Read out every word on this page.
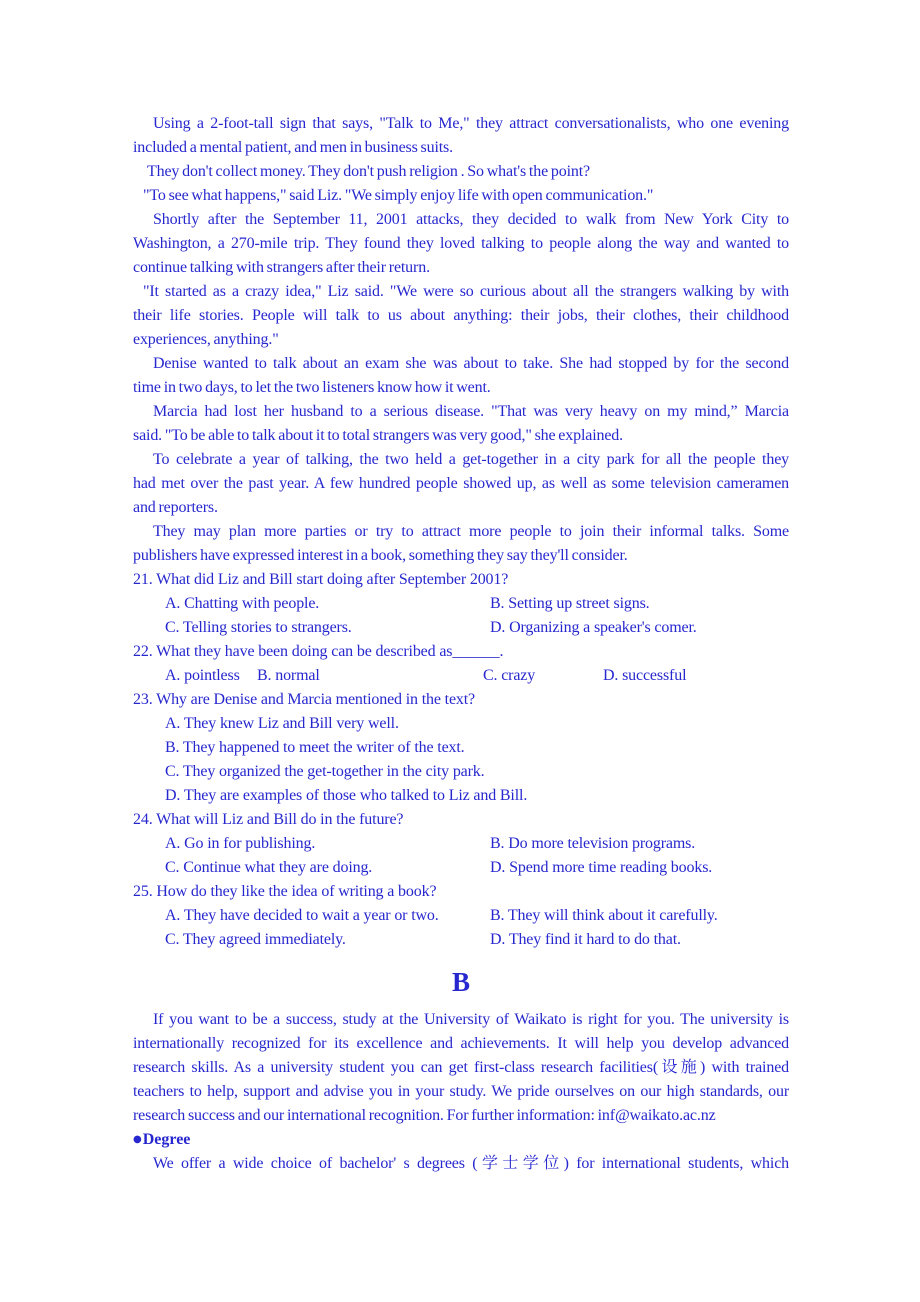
Using a 2-foot-tall sign that says, "Talk to Me," they attract conversationalists, who one evening
included a mental patient, and men in business suits.
They don't collect money. They don't push religion . So what's the point?
"To see what happens," said Liz. "We simply enjoy life with open communication."
Shortly after the September 11, 2001 attacks, they decided to walk from New York City to
Washington, a 270-mile trip. They found they loved talking to people along the way and wanted to
continue talking with strangers after their return.
"It started as a crazy idea," Liz said. "We were so curious about all the strangers walking by with
their life stories. People will talk to us about anything: their jobs, their clothes, their childhood
experiences, anything."
Denise wanted to talk about an exam she was about to take. She had stopped by for the second
time in two days, to let the two listeners know how it went.
Marcia had lost her husband to a serious disease. "That was very heavy on my mind,” Marcia
said. "To be able to talk about it to total strangers was very good," she explained.
To celebrate a year of talking, the two held a get-together in a city park for all the people they
had met over the past year. A few hundred people showed up, as well as some television cameramen
and reporters.
They may plan more parties or try to attract more people to join their informal talks. Some
publishers have expressed interest in a book, something they say they'll consider.
21. What did Liz and Bill start doing after September 2001?
A. Chatting with people.	B. Setting up street signs.
C. Telling stories to strangers.	D. Organizing a speaker's comer.
22. What they have been doing can be described as______.
A. pointless B. normal	C. crazy	D. successful
23. Why are Denise and Marcia mentioned in the text?
A. They knew Liz and Bill very well.
B. They happened to meet the writer of the text.
C. They organized the get-together in the city park.
D. They are examples of those who talked to Liz and Bill.
24. What will Liz and Bill do in the future?
A. Go in for publishing.	B. Do more television programs.
C. Continue what they are doing.	D. Spend more time reading books.
25. How do they like the idea of writing a book?
A. They have decided to wait a year or two.	B. They will think about it carefully.
C. They agreed immediately.	D. They find it hard to do that.
B
If you want to be a success, study at the University of Waikato is right for you. The university is
internationally recognized for its excellence and achievements. It will help you develop advanced
research skills. As a university student you can get first-class research facilities(设施) with trained
teachers to help, support and advise you in your study. We pride ourselves on our high standards, our
research success and our international recognition. For further information: inf@waikato.ac.nz
●Degree
We offer a wide choice of bachelor' s degrees (学士学位) for international students, which
